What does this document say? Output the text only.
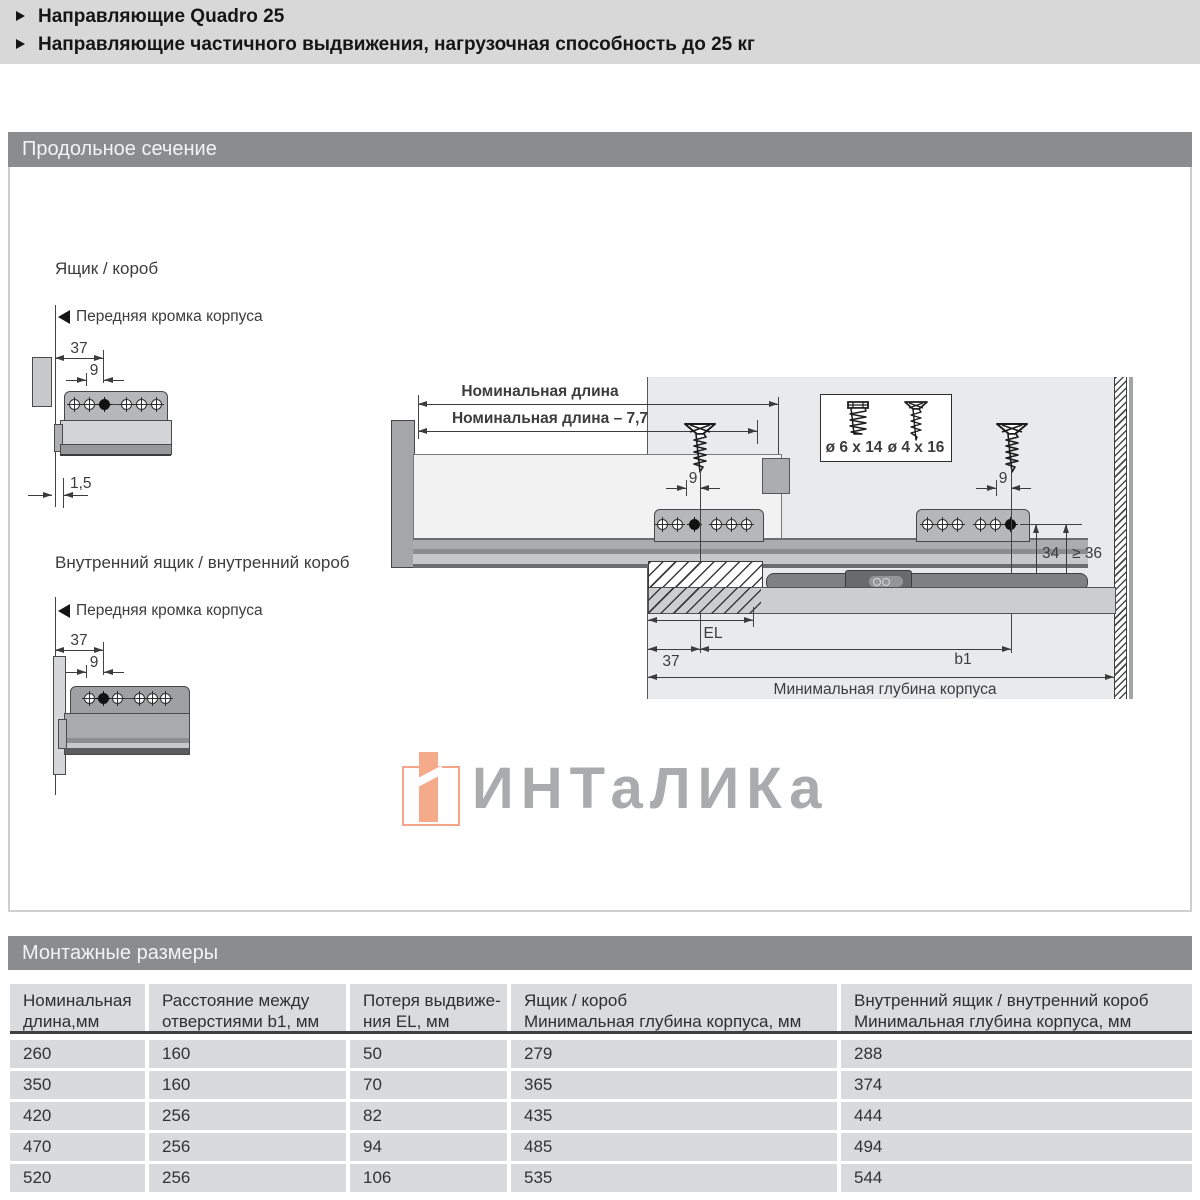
Направляющие Quadro 25
Направляющие частичного выдвижения, нагрузочная способность до 25 кг
Продольное сечение
Ящик / короб
Передняя кромка корпуса
37
9
1,5
Внутренний ящик / внутренний короб
Передняя кромка корпуса
37
9
Номинальная длина
Номинальная длина – 7,7
9	9
ø 6 x 14 ø 4 x 16
34 ≥ 36
EL
37	b1
Минимальная глубина корпуса
ИНТаЛИКа
Монтажные размеры
Номинальная
длина,мм
Расстояние между
отверстиями b1, мм
Потеря выдвиже-
ния EL, мм
Ящик / короб
Минимальная глубина корпуса, мм
Внутренний ящик / внутренний короб
Минимальная глубина корпуса, мм
260	160	50	279	288
350	160	70	365	374
420	256	82	435	444
470	256	94	485	494
520	256	106	535	544
